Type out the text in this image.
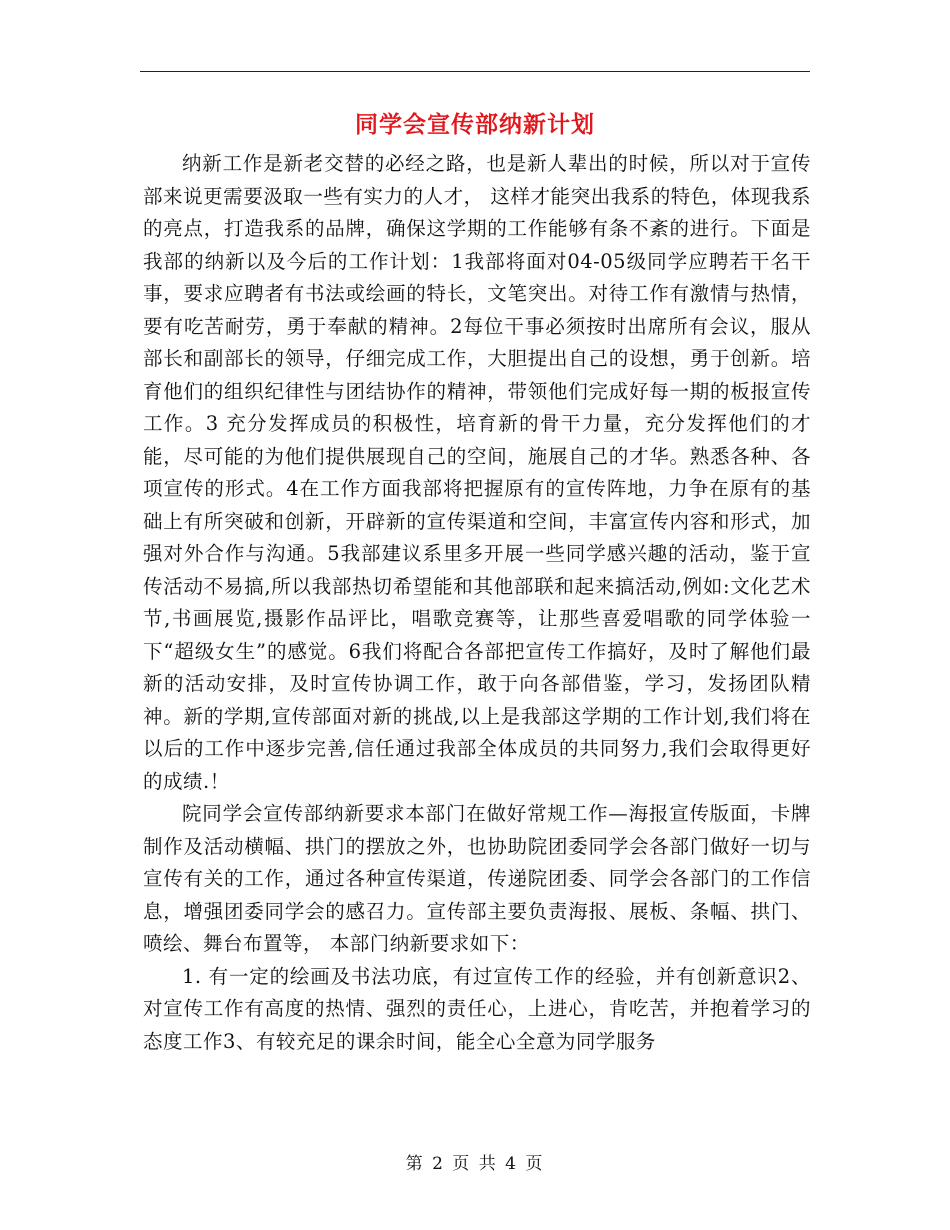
同学会宣传部纳新计划

纳新工作是新老交替的必经之路，也是新人辈出的时候，所以对于宣传部来说更需要汲取一些有实力的人才， 这样才能突出我系的特色，体现我系的亮点，打造我系的品牌，确保这学期的工作能够有条不紊的进行。下面是我部的纳新以及今后的工作计划：1我部将面对04-05级同学应聘若干名干事，要求应聘者有书法或绘画的特长，文笔突出。对待工作有激情与热情，要有吃苦耐劳，勇于奉献的精神。2每位干事必须按时出席所有会议，服从部长和副部长的领导，仔细完成工作，大胆提出自己的设想，勇于创新。培育他们的组织纪律性与团结协作的精神，带领他们完成好每一期的板报宣传工作。3 充分发挥成员的积极性，培育新的骨干力量，充分发挥他们的才能，尽可能的为他们提供展现自己的空间，施展自己的才华。熟悉各种、各项宣传的形式。4在工作方面我部将把握原有的宣传阵地，力争在原有的基础上有所突破和创新，开辟新的宣传渠道和空间，丰富宣传内容和形式，加强对外合作与沟通。5我部建议系里多开展一些同学感兴趣的活动，鉴于宣传活动不易搞,所以我部热切希望能和其他部联和起来搞活动,例如:文化艺术节,书画展览,摄影作品评比，唱歌竞赛等，让那些喜爱唱歌的同学体验一下“超级女生”的感觉。6我们将配合各部把宣传工作搞好，及时了解他们最新的活动安排，及时宣传协调工作，敢于向各部借鉴，学习，发扬团队精神。新的学期,宣传部面对新的挑战,以上是我部这学期的工作计划,我们将在以后的工作中逐步完善,信任通过我部全体成员的共同努力,我们会取得更好的成绩.！

院同学会宣传部纳新要求本部门在做好常规工作—海报宣传版面，卡牌制作及活动横幅、拱门的摆放之外，也协助院团委同学会各部门做好一切与宣传有关的工作，通过各种宣传渠道，传递院团委、同学会各部门的工作信息，增强团委同学会的感召力。宣传部主要负责海报、展板、条幅、拱门、喷绘、舞台布置等， 本部门纳新要求如下：

1. 有一定的绘画及书法功底，有过宣传工作的经验，并有创新意识2、对宣传工作有高度的热情、强烈的责任心，上进心，肯吃苦，并抱着学习的态度工作3、有较充足的课余时间，能全心全意为同学服务

第 2 页 共 4 页
